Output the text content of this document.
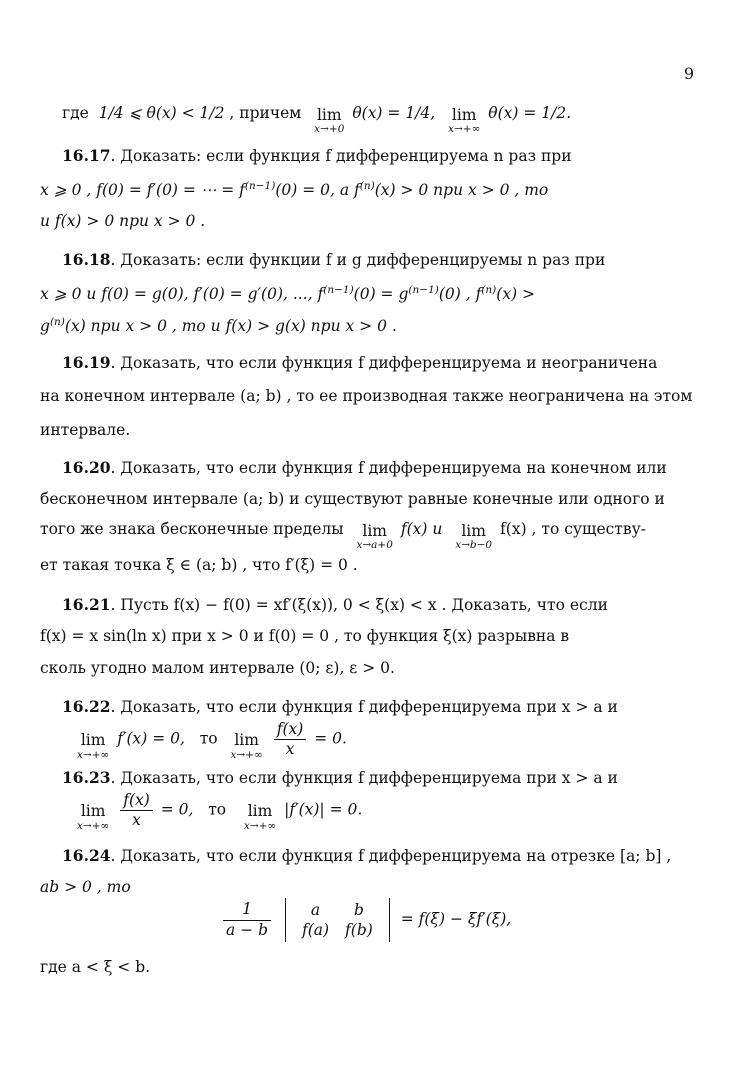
9
где 1/4 ⩽ θ(x) < 1/2 , причем lim
x→+0
θ(x) = 1/4, lim
x→+∞
θ(x) = 1/2.
16.17. Доказать: если функция f дифференцируема n раз при
x ⩾ 0 , f(0) = f′(0) = ⋯ = $f^{(n-1)}(0) = 0$, а $f^{(n)}(x) > 0$ при x > 0 , то
и f(x) > 0 при x > 0 .
16.18. Доказать: если функции f и g дифференцируемы n раз при
x ⩾ 0 и f(0) = g(0), f′(0) = g′(0), ..., $f^{(n-1)}(0) = g^{(n-1)}(0)$ , $f^{(n)}(x)$ >
$g^{(n)}(x)$ при x > 0 , то и f(x) > g(x) при x > 0 .
16.19. Доказать, что если функция f дифференцируема и неограничена
на конечном интервале (a; b) , то ее производная также неограничена на этом
интервале.
16.20. Доказать, что если функция f дифференцируема на конечном или
бесконечном интервале (a; b) и существуют равные конечные или одного и
того же знака бесконечные пределы	lim
x→a+0
f(x) и	lim
x→b−0
f(x) , то существу-
ет такая точка ξ ∈ (a; b) , что f′(ξ) = 0 .
16.21. Пусть f(x) − f(0) = xf′(ξ(x)), 0 < ξ(x) < x . Доказать, что если
f(x) = x sin(ln x) при x > 0 и f(0) = 0 , то функция ξ(x) разрывна в
сколь угодно малом интервале (0; ε), ε > 0.
16.22. Доказать, что если функция f дифференцируема при x > a и
lim
x→+∞
f′(x) = 0, то lim
x→+∞
$\frac{f(x)}{x} = 0$.
16.23. Доказать, что если функция f дифференцируема при x > a и
lim
x→+∞
$\frac{f(x)}{x} = 0$, то lim
x→+∞
|f′(x)| = 0.
16.24. Доказать, что если функция f дифференцируема на отрезке [a; b] ,
ab > 0 , то
$\frac{1}{a - b}$
	a	b
f(a)	f(b)
= f(ξ) − ξf′(ξ),
где a < ξ < b.
